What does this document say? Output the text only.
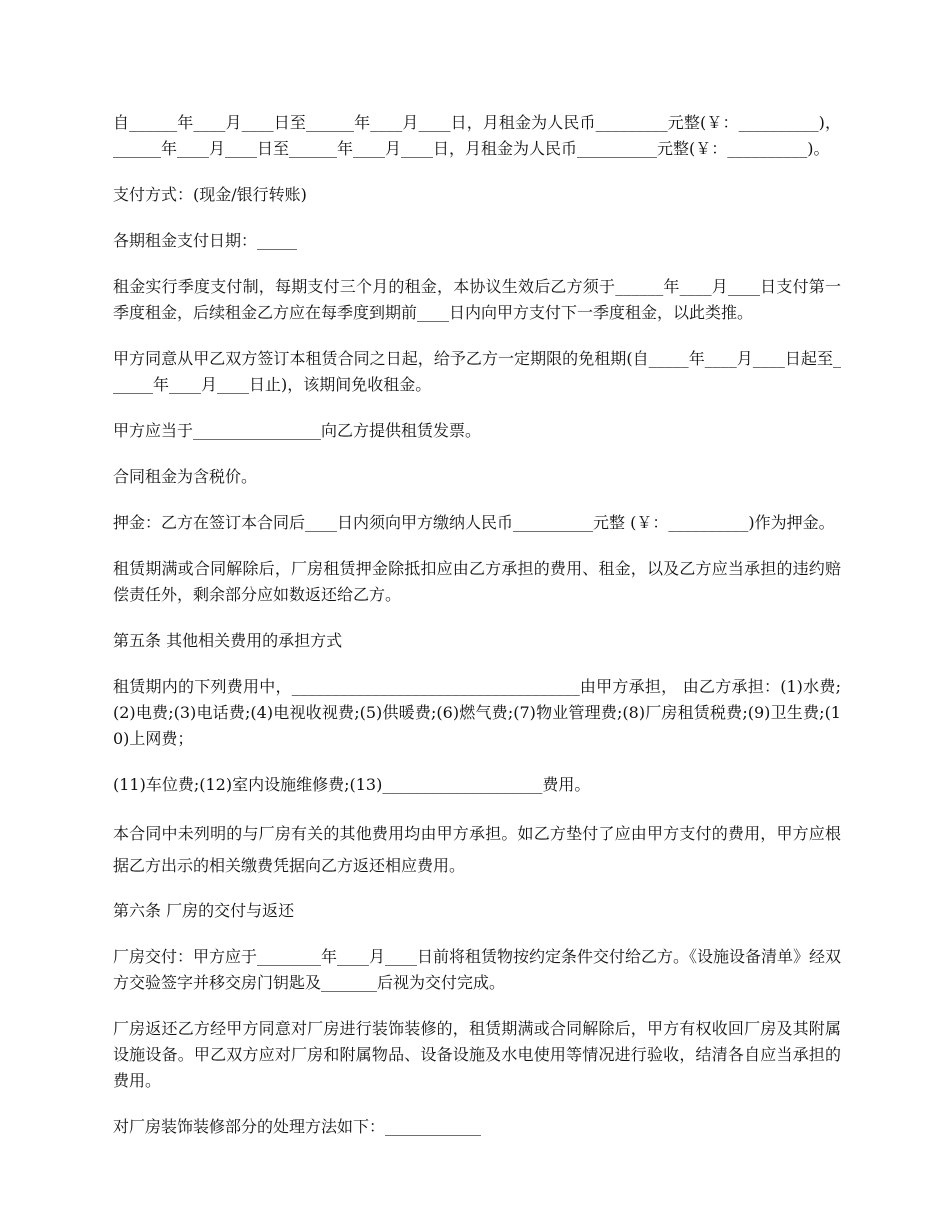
自______年____月____日至______年____月____日，月租金为人民币_________元整(￥：__________)，______年____月____日至______年____月____日，月租金为人民币__________元整(￥：__________)。

支付方式：(现金/银行转账)

各期租金支付日期：_____

租金实行季度支付制，每期支付三个月的租金，本协议生效后乙方须于______年____月____日支付第一季度租金，后续租金乙方应在每季度到期前____日内向甲方支付下一季度租金，以此类推。

甲方同意从甲乙双方签订本租赁合同之日起，给予乙方一定期限的免租期(自_____年____月____日起至______年____月____日止)，该期间免收租金。

甲方应当于________________向乙方提供租赁发票。

合同租金为含税价。

押金：乙方在签订本合同后____日内须向甲方缴纳人民币__________元整 (￥：__________)作为押金。

租赁期满或合同解除后，厂房租赁押金除抵扣应由乙方承担的费用、租金，以及乙方应当承担的违约赔偿责任外，剩余部分应如数返还给乙方。

第五条 其他相关费用的承担方式

租赁期内的下列费用中，____________________________________由甲方承担， 由乙方承担：(1)水费;(2)电费;(3)电话费;(4)电视收视费;(5)供暖费;(6)燃气费;(7)物业管理费;(8)厂房租赁税费;(9)卫生费;(10)上网费；

(11)车位费;(12)室内设施维修费;(13)____________________费用。

本合同中未列明的与厂房有关的其他费用均由甲方承担。如乙方垫付了应由甲方支付的费用，甲方应根据乙方出示的相关缴费凭据向乙方返还相应费用。

第六条 厂房的交付与返还

厂房交付：甲方应于________年____月____日前将租赁物按约定条件交付给乙方。《设施设备清单》经双方交验签字并移交房门钥匙及_______后视为交付完成。

厂房返还乙方经甲方同意对厂房进行装饰装修的，租赁期满或合同解除后，甲方有权收回厂房及其附属设施设备。甲乙双方应对厂房和附属物品、设备设施及水电使用等情况进行验收，结清各自应当承担的费用。

对厂房装饰装修部分的处理方法如下：____________
